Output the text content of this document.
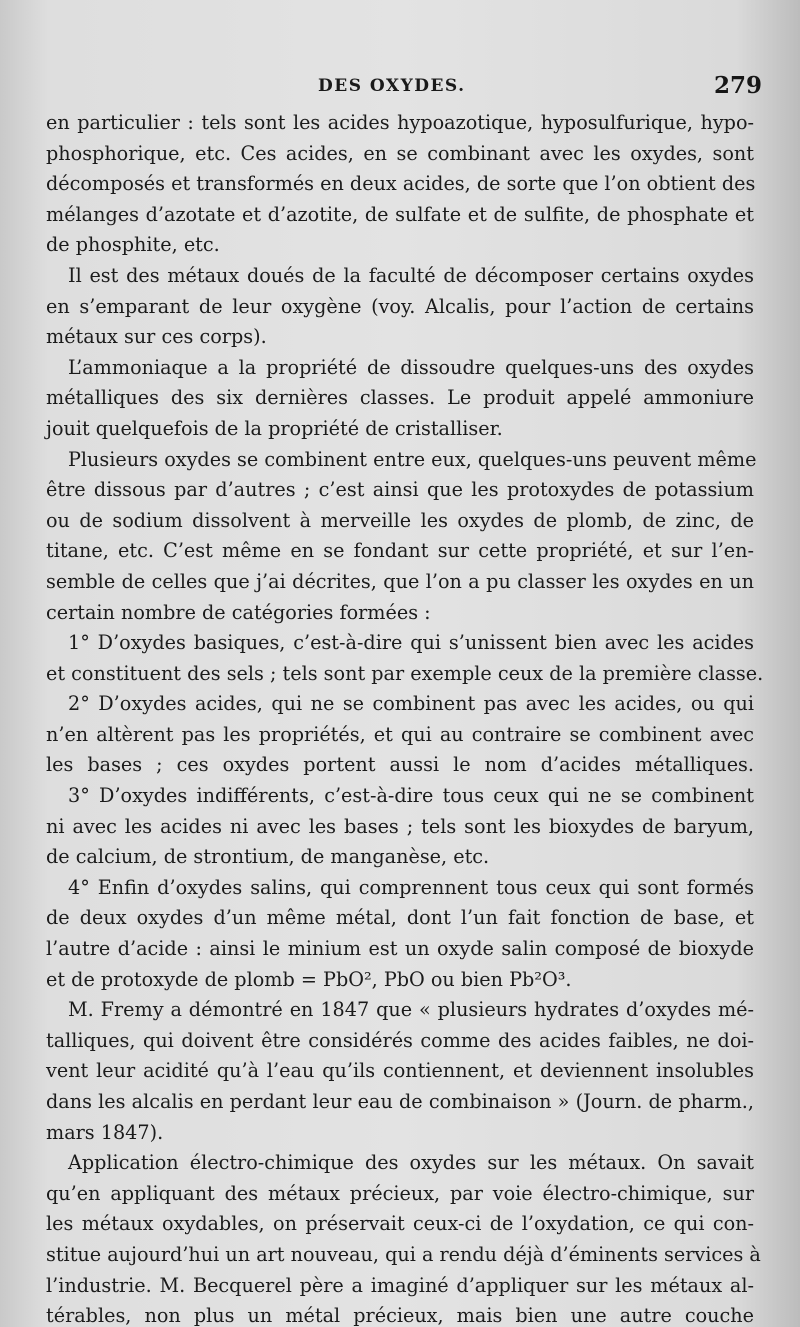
DES OXYDES.	279
en particulier : tels sont les acides hypoazotique, hyposulfurique, hypo-
phosphorique, etc. Ces acides, en se combinant avec les oxydes, sont
décomposés et transformés en deux acides, de sorte que l’on obtient des
mélanges d’azotate et d’azotite, de sulfate et de sulfite, de phosphate et
de phosphite, etc.
Il est des métaux doués de la faculté de décomposer certains oxydes
en s’emparant de leur oxygène (voy. Alcalis, pour l’action de certains
métaux sur ces corps).
L’ammoniaque a la propriété de dissoudre quelques-uns des oxydes
métalliques des six dernières classes. Le produit appelé ammoniure
jouit quelquefois de la propriété de cristalliser.
Plusieurs oxydes se combinent entre eux, quelques-uns peuvent même
être dissous par d’autres ; c’est ainsi que les protoxydes de potassium
ou de sodium dissolvent à merveille les oxydes de plomb, de zinc, de
titane, etc. C’est même en se fondant sur cette propriété, et sur l’en-
semble de celles que j’ai décrites, que l’on a pu classer les oxydes en un
certain nombre de catégories formées :
1° D’oxydes basiques, c’est-à-dire qui s’unissent bien avec les acides
et constituent des sels ; tels sont par exemple ceux de la première classe.
2° D’oxydes acides, qui ne se combinent pas avec les acides, ou qui
n’en altèrent pas les propriétés, et qui au contraire se combinent avec
les bases ; ces oxydes portent aussi le nom d’acides métalliques.
3° D’oxydes indifférents, c’est-à-dire tous ceux qui ne se combinent
ni avec les acides ni avec les bases ; tels sont les bioxydes de baryum,
de calcium, de strontium, de manganèse, etc.
4° Enfin d’oxydes salins, qui comprennent tous ceux qui sont formés
de deux oxydes d’un même métal, dont l’un fait fonction de base, et
l’autre d’acide : ainsi le minium est un oxyde salin composé de bioxyde
et de protoxyde de plomb = PbO², PbO ou bien Pb²O³.
M. Fremy a démontré en 1847 que « plusieurs hydrates d’oxydes mé-
talliques, qui doivent être considérés comme des acides faibles, ne doi-
vent leur acidité qu’à l’eau qu’ils contiennent, et deviennent insolubles
dans les alcalis en perdant leur eau de combinaison » (Journ. de pharm.,
mars 1847).
Application électro-chimique des oxydes sur les métaux. On savait
qu’en appliquant des métaux précieux, par voie électro-chimique, sur
les métaux oxydables, on préservait ceux-ci de l’oxydation, ce qui con-
stitue aujourd’hui un art nouveau, qui a rendu déjà d’éminents services à
l’industrie. M. Becquerel père a imaginé d’appliquer sur les métaux al-
térables, non plus un métal précieux, mais bien une autre couche
